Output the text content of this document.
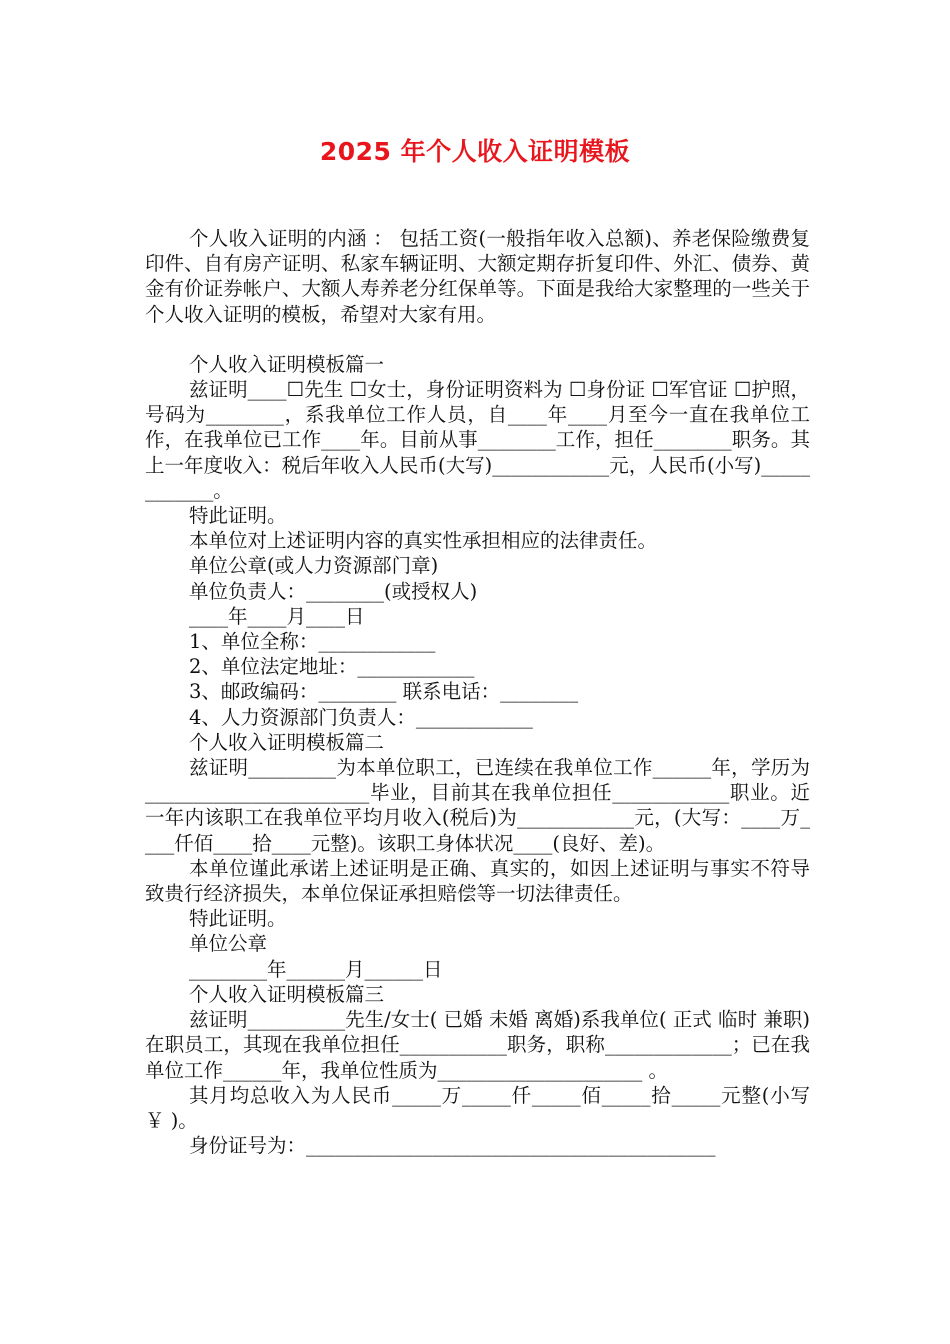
2025 年个人收入证明模板

个人收入证明的内涵 ： 包括工资(一般指年收入总额)、养老保险缴费复印件、自有房产证明、私家车辆证明、大额定期存折复印件、外汇、债券、黄金有价证券帐户、大额人寿养老分红保单等。下面是我给大家整理的一些关于个人收入证明的模板，希望对大家有用。

个人收入证明模板篇一

兹证明____☐先生 ☐女士，身份证明资料为 ☐身份证 ☐军官证 ☐护照，号码为________，系我单位工作人员，自____年____月至今一直在我单位工作，在我单位已工作____年。目前从事________工作，担任________职务。其上一年度收入：税后年收入人民币(大写)____________元，人民币(小写)____________。

特此证明。

本单位对上述证明内容的真实性承担相应的法律责任。

单位公章(或人力资源部门章)

单位负责人：________(或授权人)

____年____月____日

1、单位全称：____________

2、单位法定地址：____________

3、邮政编码：________ 联系电话：________

4、人力资源部门负责人：____________

个人收入证明模板篇二

兹证明_________为本单位职工，已连续在我单位工作______年，学历为_______________________毕业，目前其在我单位担任____________职业。近一年内该职工在我单位平均月收入(税后)为____________元，(大写：____万____仟佰____拾____元整)。该职工身体状况____(良好、差)。

本单位谨此承诺上述证明是正确、真实的，如因上述证明与事实不符导致贵行经济损失，本单位保证承担赔偿等一切法律责任。

特此证明。

单位公章

________年______月______日

个人收入证明模板篇三

兹证明__________先生/女士( 已婚 未婚 离婚)系我单位( 正式 临时 兼职)在职员工，其现在我单位担任___________职务，职称_____________；已在我单位工作______年，我单位性质为_____________________ 。

其月均总收入为人民币_____万_____仟_____佰_____拾_____元整(小写￥ )。

身份证号为：__________________________________________
